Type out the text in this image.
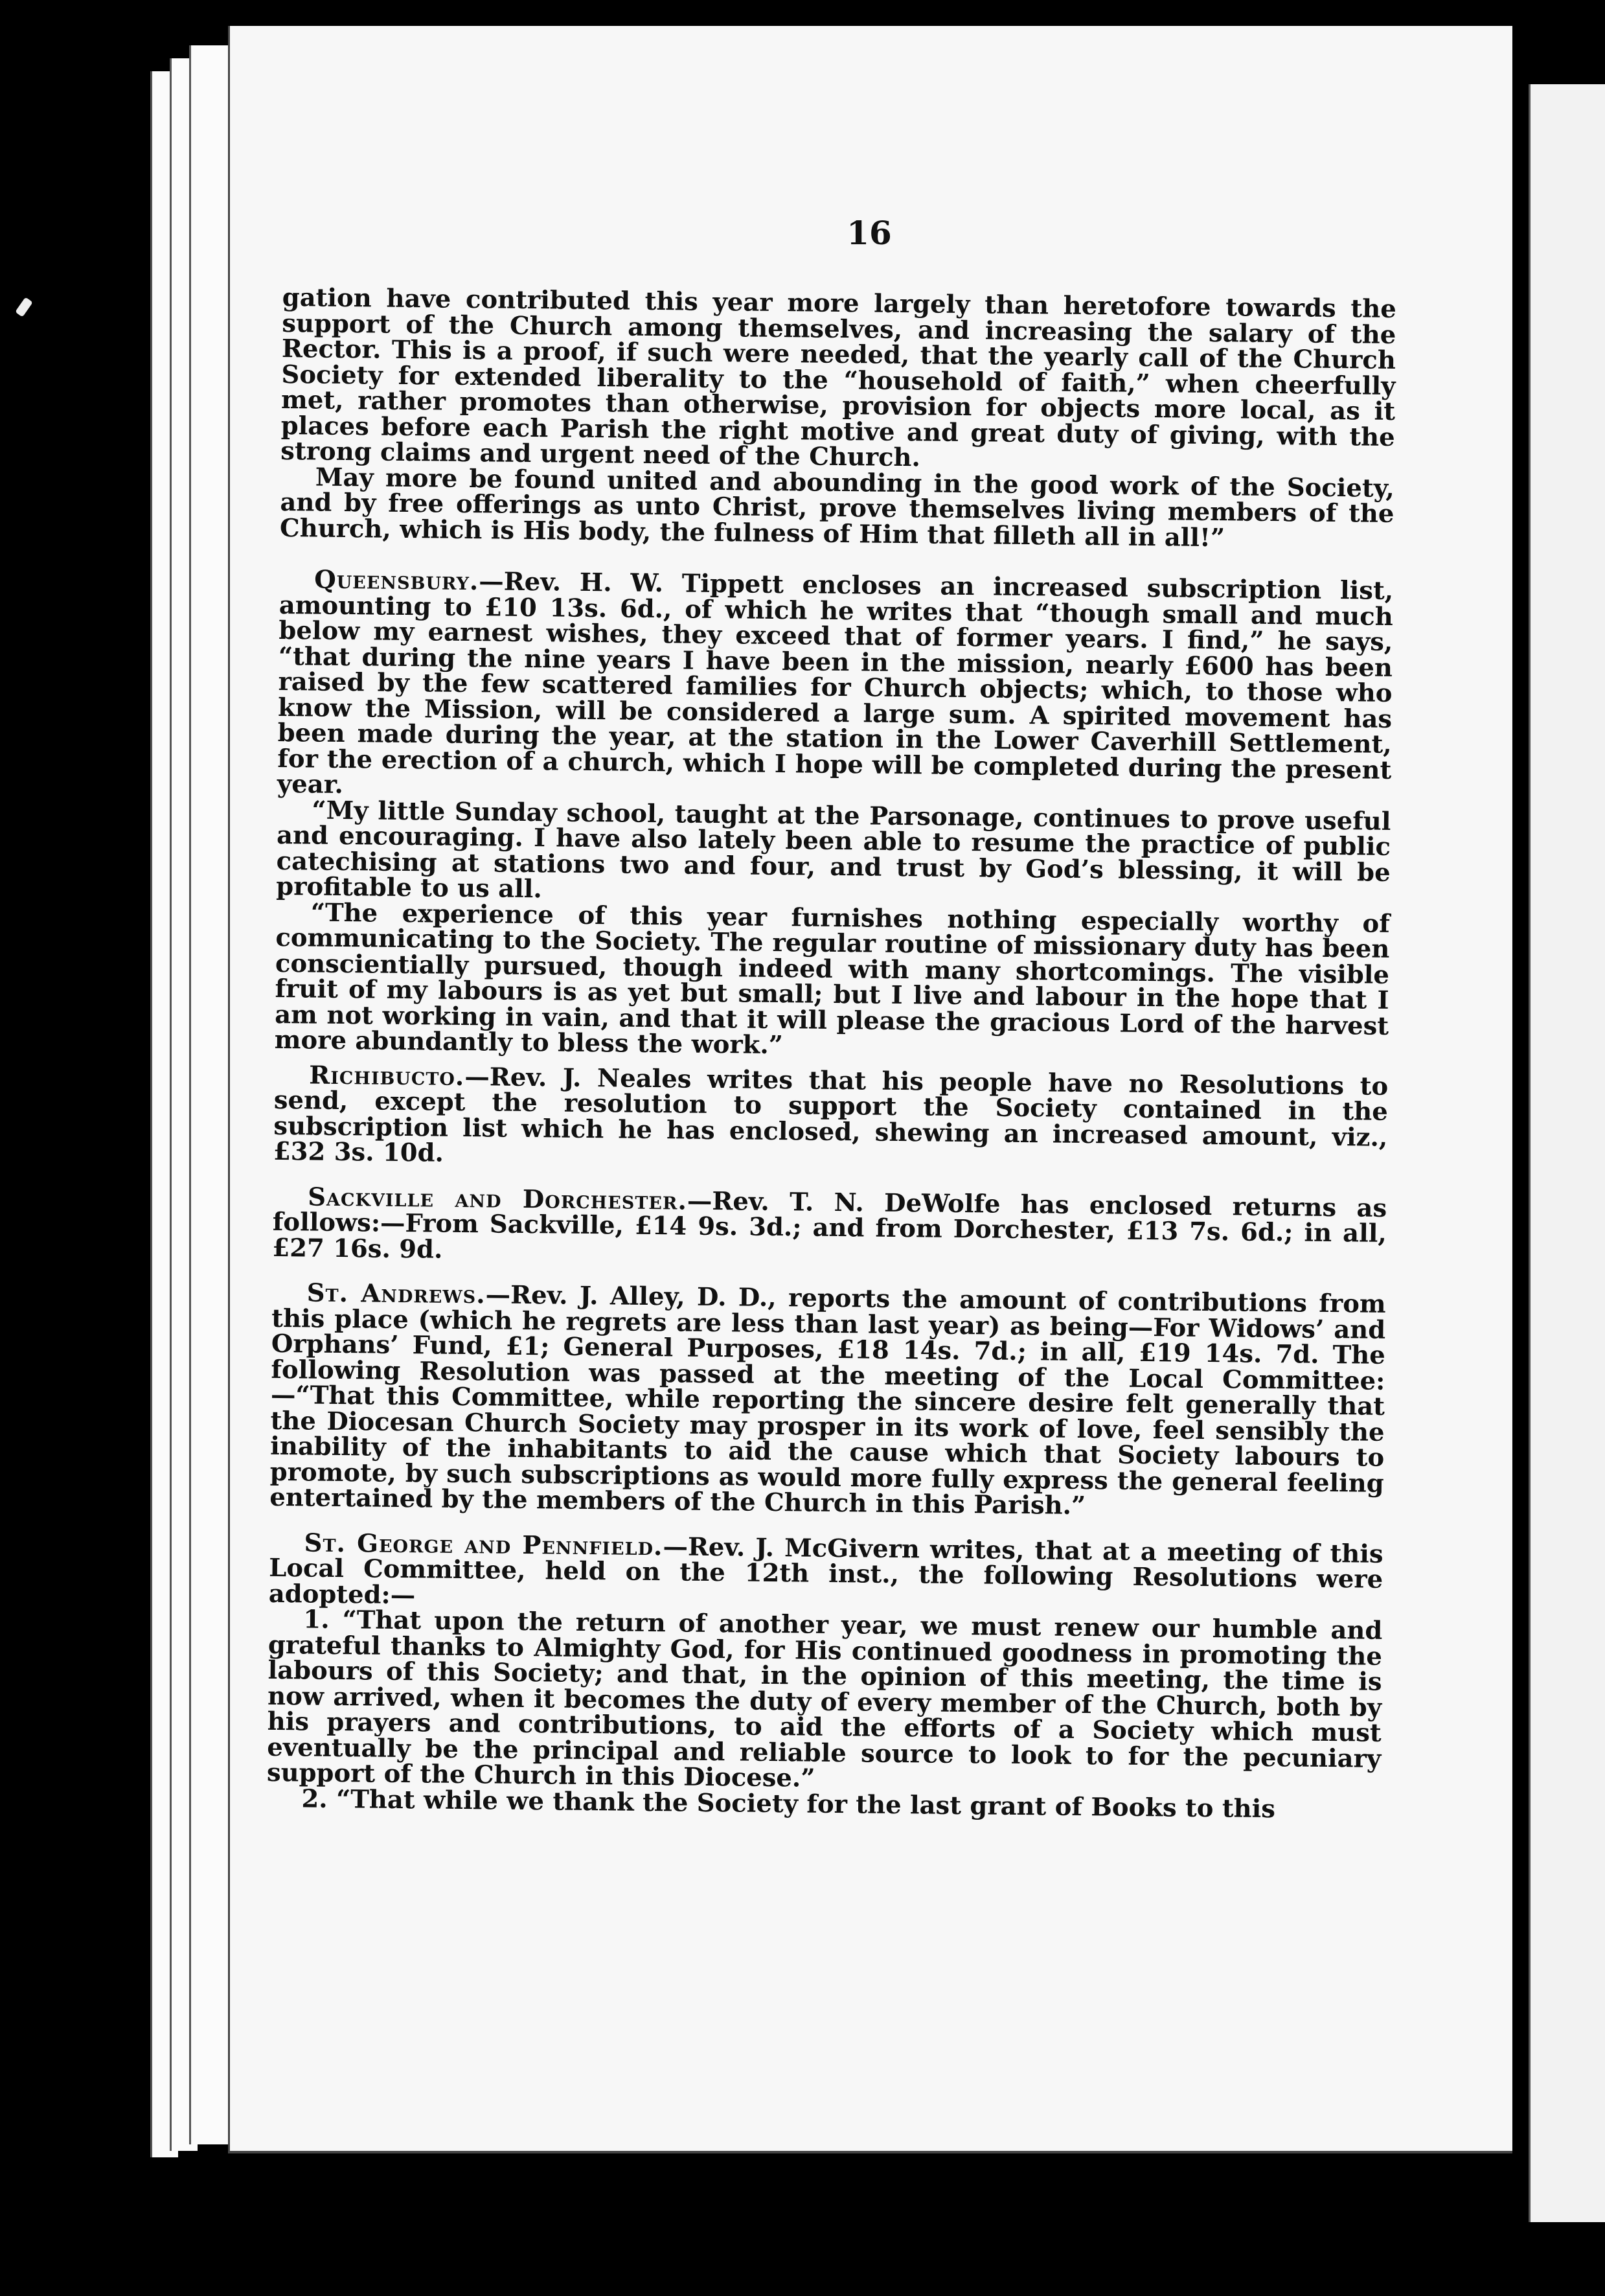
16

gation have contributed this year more largely than heretofore towards the support of the Church among themselves, and increasing the salary of the Rector. This is a proof, if such were needed, that the yearly call of the Church Society for extended liberality to the “household of faith,” when cheerfully met, rather promotes than otherwise, provision for objects more local, as it places before each Parish the right motive and great duty of giving, with the strong claims and urgent need of the Church.

May more be found united and abounding in the good work of the Society, and by free offerings as unto Christ, prove themselves living members of the Church, which is His body, the fulness of Him that filleth all in all!”

Queensbury.—Rev. H. W. Tippett encloses an increased subscription list, amounting to £10 13s. 6d., of which he writes that “though small and much below my earnest wishes, they exceed that of former years. I find,” he says, “that during the nine years I have been in the mission, nearly £600 has been raised by the few scattered families for Church objects; which, to those who know the Mission, will be considered a large sum. A spirited movement has been made during the year, at the station in the Lower Caverhill Settlement, for the erection of a church, which I hope will be completed during the present year.

“My little Sunday school, taught at the Parsonage, continues to prove useful and encouraging. I have also lately been able to resume the practice of public catechising at stations two and four, and trust by God’s blessing, it will be profitable to us all.

“The experience of this year furnishes nothing especially worthy of communicating to the Society. The regular routine of missionary duty has been conscientially pursued, though indeed with many shortcomings. The visible fruit of my labours is as yet but small; but I live and labour in the hope that I am not working in vain, and that it will please the gracious Lord of the harvest more abundantly to bless the work.”

Richibucto.—Rev. J. Neales writes that his people have no Resolutions to send, except the resolution to support the Society contained in the subscription list which he has enclosed, shewing an increased amount, viz., £32 3s. 10d.

Sackville and Dorchester.—Rev. T. N. DeWolfe has enclosed returns as follows:—From Sackville, £14 9s. 3d.; and from Dorchester, £13 7s. 6d.; in all, £27 16s. 9d.

St. Andrews.—Rev. J. Alley, D. D., reports the amount of contributions from this place (which he regrets are less than last year) as being—For Widows’ and Orphans’ Fund, £1; General Purposes, £18 14s. 7d.; in all, £19 14s. 7d. The following Resolution was passed at the meeting of the Local Committee:—“That this Committee, while reporting the sincere desire felt generally that the Diocesan Church Society may prosper in its work of love, feel sensibly the inability of the inhabitants to aid the cause which that Society labours to promote, by such subscriptions as would more fully express the general feeling entertained by the members of the Church in this Parish.”

St. George and Pennfield.—Rev. J. McGivern writes, that at a meeting of this Local Committee, held on the 12th inst., the following Resolutions were adopted:—

1. “That upon the return of another year, we must renew our humble and grateful thanks to Almighty God, for His continued goodness in promoting the labours of this Society; and that, in the opinion of this meeting, the time is now arrived, when it becomes the duty of every member of the Church, both by his prayers and contributions, to aid the efforts of a Society which must eventually be the principal and reliable source to look to for the pecuniary support of the Church in this Diocese.”

2. “That while we thank the Society for the last grant of Books to this
